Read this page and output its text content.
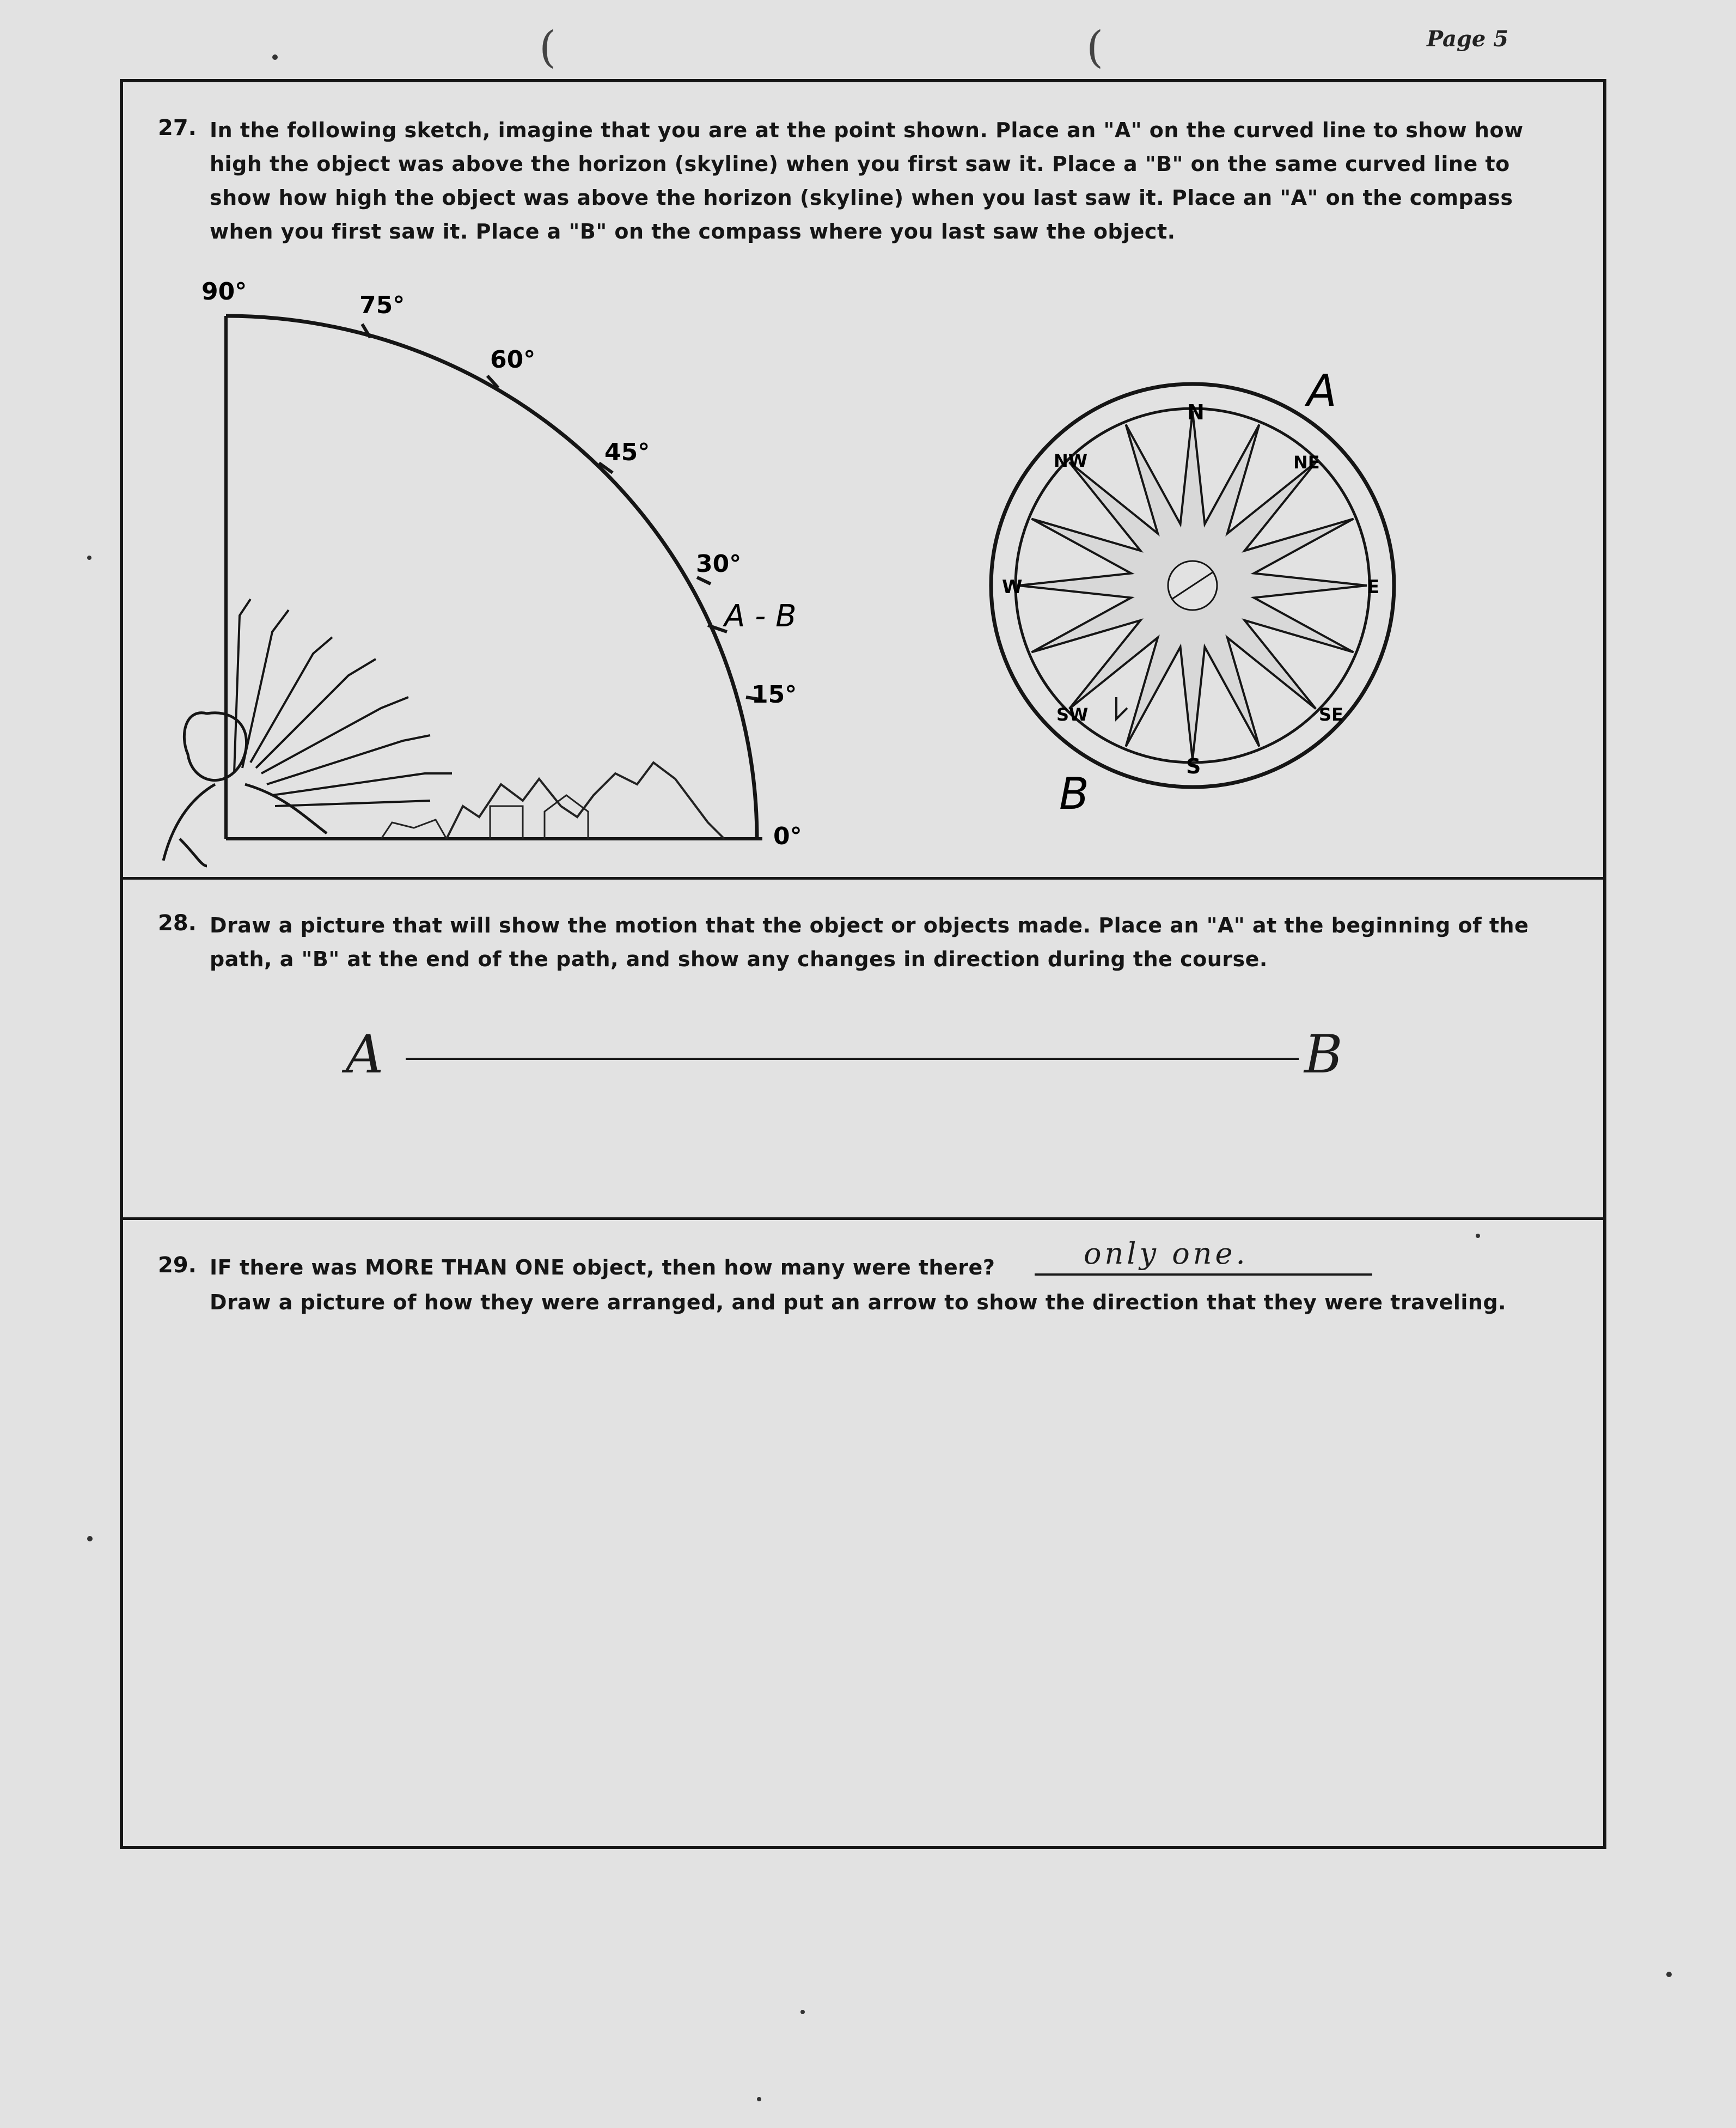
(	(	Page 5
27. In the following sketch, imagine that you are at the point shown. Place an "A" on the curved line to show how
high the object was above the horizon (skyline) when you first saw it. Place a "B" on the same curved line to
show how high the object was above the horizon (skyline) when you last saw it. Place an "A" on the compass
when you first saw it. Place a "B" on the compass where you last saw the object.
90°	75°
60°
45°
30°
15°
0°
A - B
N
NE
E
SE
S
SW
W
NW
A
B
28. Draw a picture that will show the motion that the object or objects made. Place an "A" at the beginning of the
path, a "B" at the end of the path, and show any changes in direction during the course.
A	B
29. IF there was MORE THAN ONE object, then how many were there?	only one.
Draw a picture of how they were arranged, and put an arrow to show the direction that they were traveling.
